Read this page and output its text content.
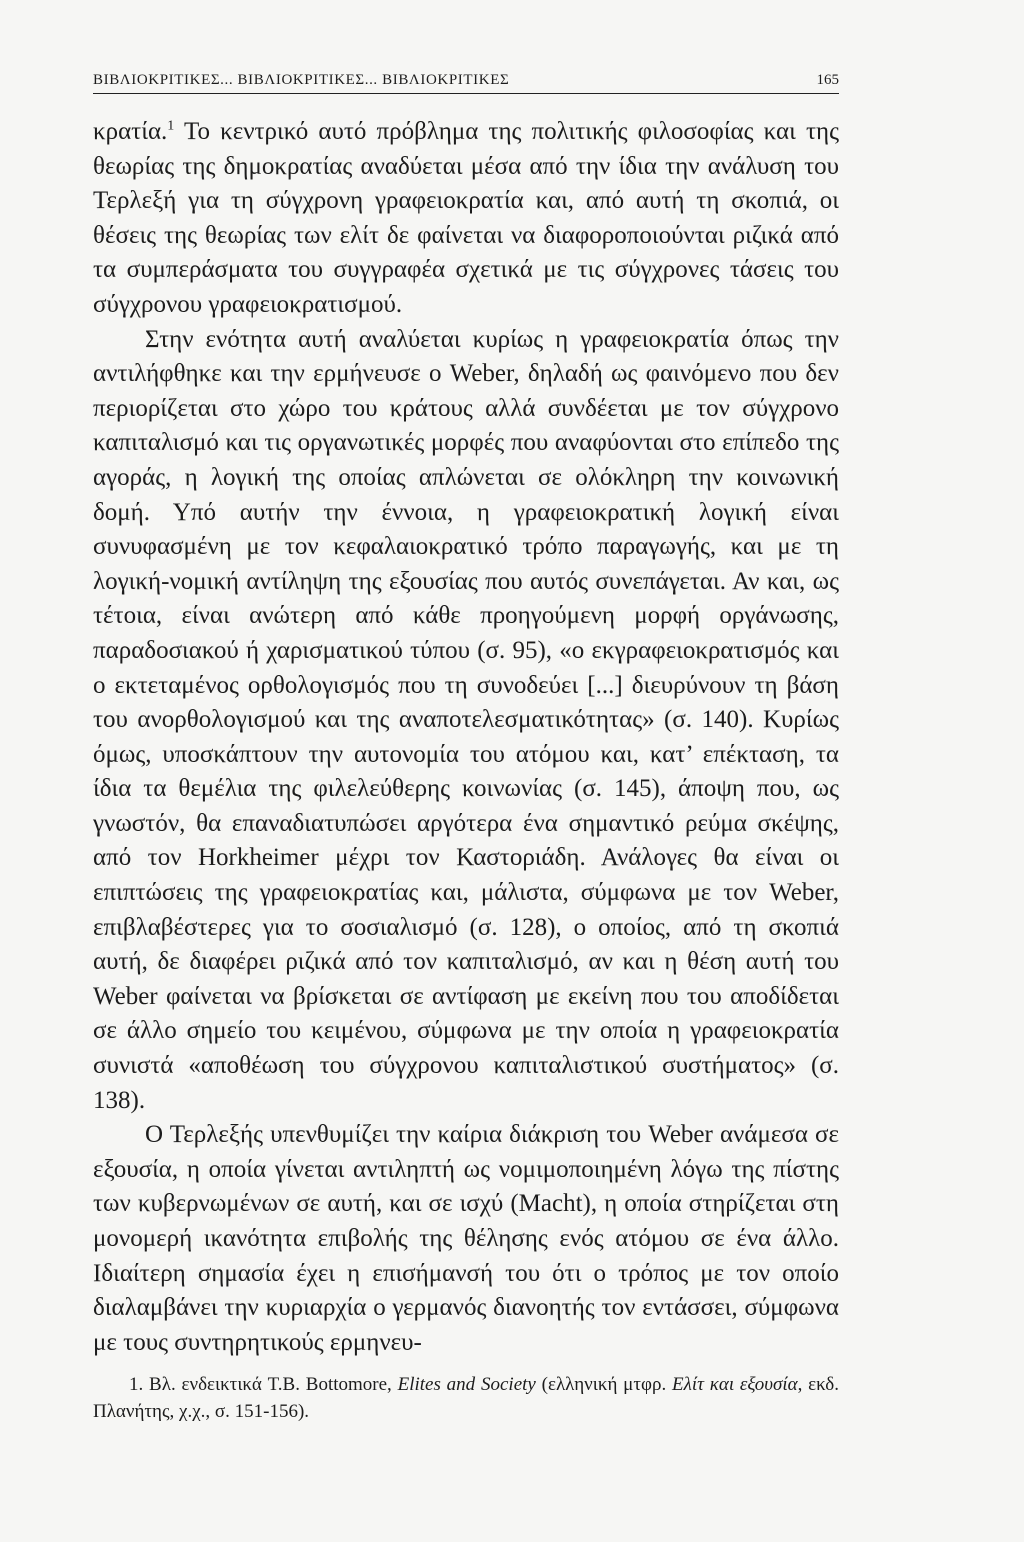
ΒΙΒΛΙΟΚΡΙΤΙΚΕΣ... ΒΙΒΛΙΟΚΡΙΤΙΚΕΣ... ΒΙΒΛΙΟΚΡΙΤΙΚΕΣ	165

κρατία.$^1$ Το κεντρικό αυτό πρόβλημα της πολιτικής φιλοσοφίας και της θεωρίας της δημοκρατίας αναδύεται μέσα από την ίδια την ανάλυση του Τερλεξή για τη σύγχρονη γραφειοκρατία και, από αυτή τη σκοπιά, οι θέσεις της θεωρίας των ελίτ δε φαίνεται να διαφοροποιούνται ριζικά από τα συμπεράσματα του συγγραφέα σχετικά με τις σύγχρονες τάσεις του σύγχρονου γραφειοκρατισμού.

Στην ενότητα αυτή αναλύεται κυρίως η γραφειοκρατία όπως την αντιλήφθηκε και την ερμήνευσε ο Weber, δηλαδή ως φαινόμενο που δεν περιορίζεται στο χώρο του κράτους αλλά συνδέεται με τον σύγχρονο καπιταλισμό και τις οργανωτικές μορφές που αναφύονται στο επίπεδο της αγοράς, η λογική της οποίας απλώνεται σε ολόκληρη την κοινωνική δομή. Υπό αυτήν την έννοια, η γραφειοκρατική λογική είναι συνυφασμένη με τον κεφαλαιοκρατικό τρόπο παραγωγής, και με τη λογική-νομική αντίληψη της εξουσίας που αυτός συνεπάγεται. Αν και, ως τέτοια, είναι ανώτερη από κάθε προηγούμενη μορφή οργάνωσης, παραδοσιακού ή χαρισματικού τύπου (σ. 95), «ο εκγραφειοκρατισμός και ο εκτεταμένος ορθολογισμός που τη συνοδεύει [...] διευρύνουν τη βάση του ανορθολογισμού και της αναποτελεσματικότητας» (σ. 140). Κυρίως όμως, υποσκάπτουν την αυτονομία του ατόμου και, κατ’ επέκταση, τα ίδια τα θεμέλια της φιλελεύθερης κοινωνίας (σ. 145), άποψη που, ως γνωστόν, θα επαναδιατυπώσει αργότερα ένα σημαντικό ρεύμα σκέψης, από τον Horkheimer μέχρι τον Καστοριάδη. Ανάλογες θα είναι οι επιπτώσεις της γραφειοκρατίας και, μάλιστα, σύμφωνα με τον Weber, επιβλαβέστερες για το σοσιαλισμό (σ. 128), ο οποίος, από τη σκοπιά αυτή, δε διαφέρει ριζικά από τον καπιταλισμό, αν και η θέση αυτή του Weber φαίνεται να βρίσκεται σε αντίφαση με εκείνη που του αποδίδεται σε άλλο σημείο του κειμένου, σύμφωνα με την οποία η γραφειοκρατία συνιστά «αποθέωση του σύγχρονου καπιταλιστικού συστήματος» (σ. 138).

Ο Τερλεξής υπενθυμίζει την καίρια διάκριση του Weber ανάμεσα σε εξουσία, η οποία γίνεται αντιληπτή ως νομιμοποιημένη λόγω της πίστης των κυβερνωμένων σε αυτή, και σε ισχύ (Macht), η οποία στηρίζεται στη μονομερή ικανότητα επιβολής της θέλησης ενός ατόμου σε ένα άλλο. Ιδιαίτερη σημασία έχει η επισήμανσή του ότι ο τρόπος με τον οποίο διαλαμβάνει την κυριαρχία ο γερμανός διανοητής τον εντάσσει, σύμφωνα με τους συντηρητικούς ερμηνευ-

1. Βλ. ενδεικτικά T.B. Bottomore, Elites and Society (ελληνική μτφρ. Ελίτ και εξουσία, εκδ. Πλανήτης, χ.χ., σ. 151-156).
